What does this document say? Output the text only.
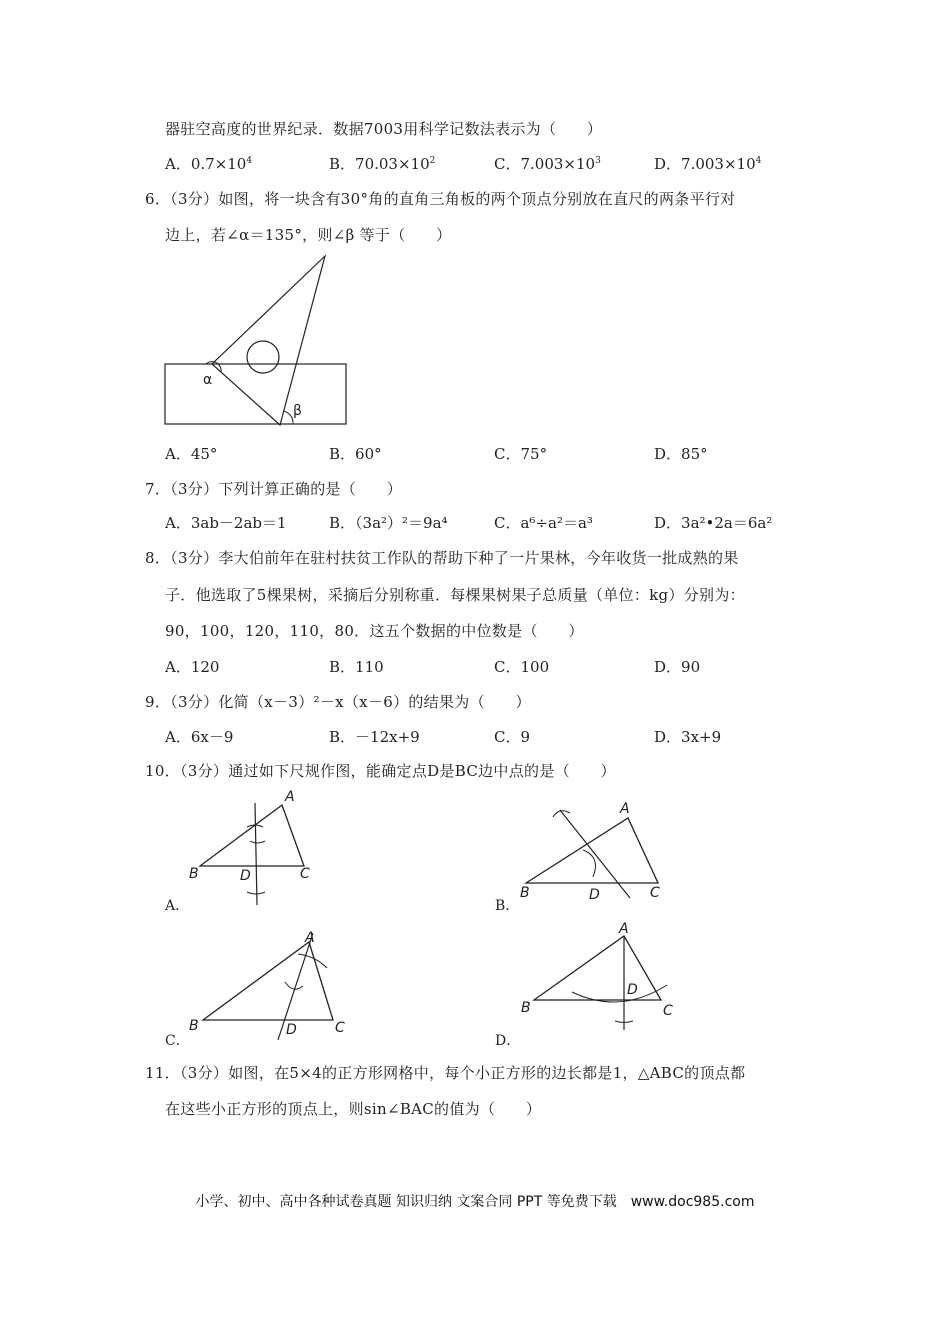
器驻空高度的世界纪录．数据7003用科学记数法表示为（　　）
A．$0.7\times 10^4$	B．$70.03\times 10^2$	C．$7.003\times 10^3$	D．$7.003\times 10^4$
6．（3分）如图，将一块含有30°角的直角三角板的两个顶点分别放在直尺的两条平行对
边上，若∠α＝135°，则∠β 等于（　　）
α
β
A．45°	B．60°	C．75°	D．85°
7．（3分）下列计算正确的是（　　）
A．3ab－2ab＝1	B．（3a²）²＝9a⁴	C．a⁶÷a²＝a³	D．3a²•2a＝6a²
8．（3分）李大伯前年在驻村扶贫工作队的帮助下种了一片果林，今年收货一批成熟的果
子．他选取了5棵果树，采摘后分别称重．每棵果树果子总质量（单位：kg）分别为：
90，100，120，110，80．这五个数据的中位数是（　　）
A．120	B．110	C．100	D．90
9．（3分）化简（x－3）²－x（x－6）的结果为（　　）
A．6x－9	B．－12x+9	C．9	D．3x+9
10．（3分）通过如下尺规作图，能确定点D是BC边中点的是（　　）
A
B	C
D
A．
A
B	C
D
B．
A
B	C
D
C．
A
B	C
D
D．
11．（3分）如图，在5×4的正方形网格中，每个小正方形的边长都是1，△ABC的顶点都
在这些小正方形的顶点上，则sin∠BAC的值为（　　）
小学、初中、高中各种试卷真题 知识归纳 文案合同 PPT 等免费下载　www.doc985.com
